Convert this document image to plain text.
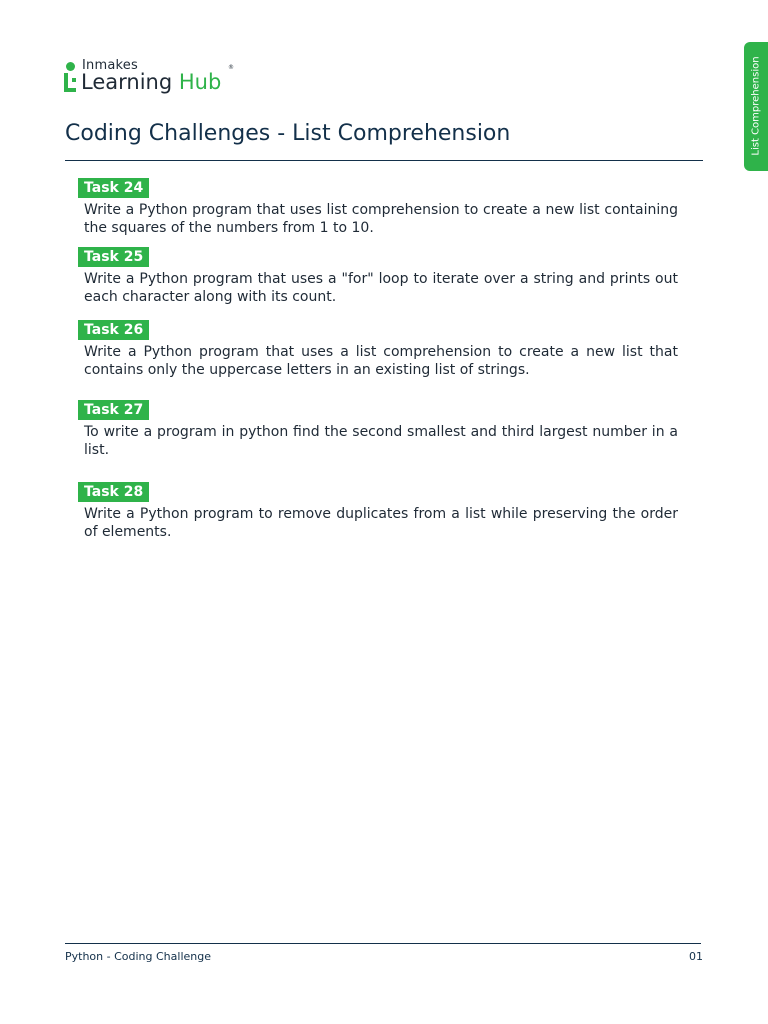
Inmakes
Learning Hub
®	List Comprehension
Coding Challenges - List Comprehension
Task 24

Write a Python program that uses list comprehension to create a new list containing the squares of the numbers from 1 to 10.

Task 25

Write a Python program that uses a "for" loop to iterate over a string and prints out each character along with its count.

Task 26

Write a Python program that uses a list comprehension to create a new list that contains only the uppercase letters in an existing list of strings.

Task 27

To write a program in python find the second smallest and third largest number in a list.

Task 28

Write a Python program to remove duplicates from a list while preserving the order of elements.

Python - Coding Challenge	01
